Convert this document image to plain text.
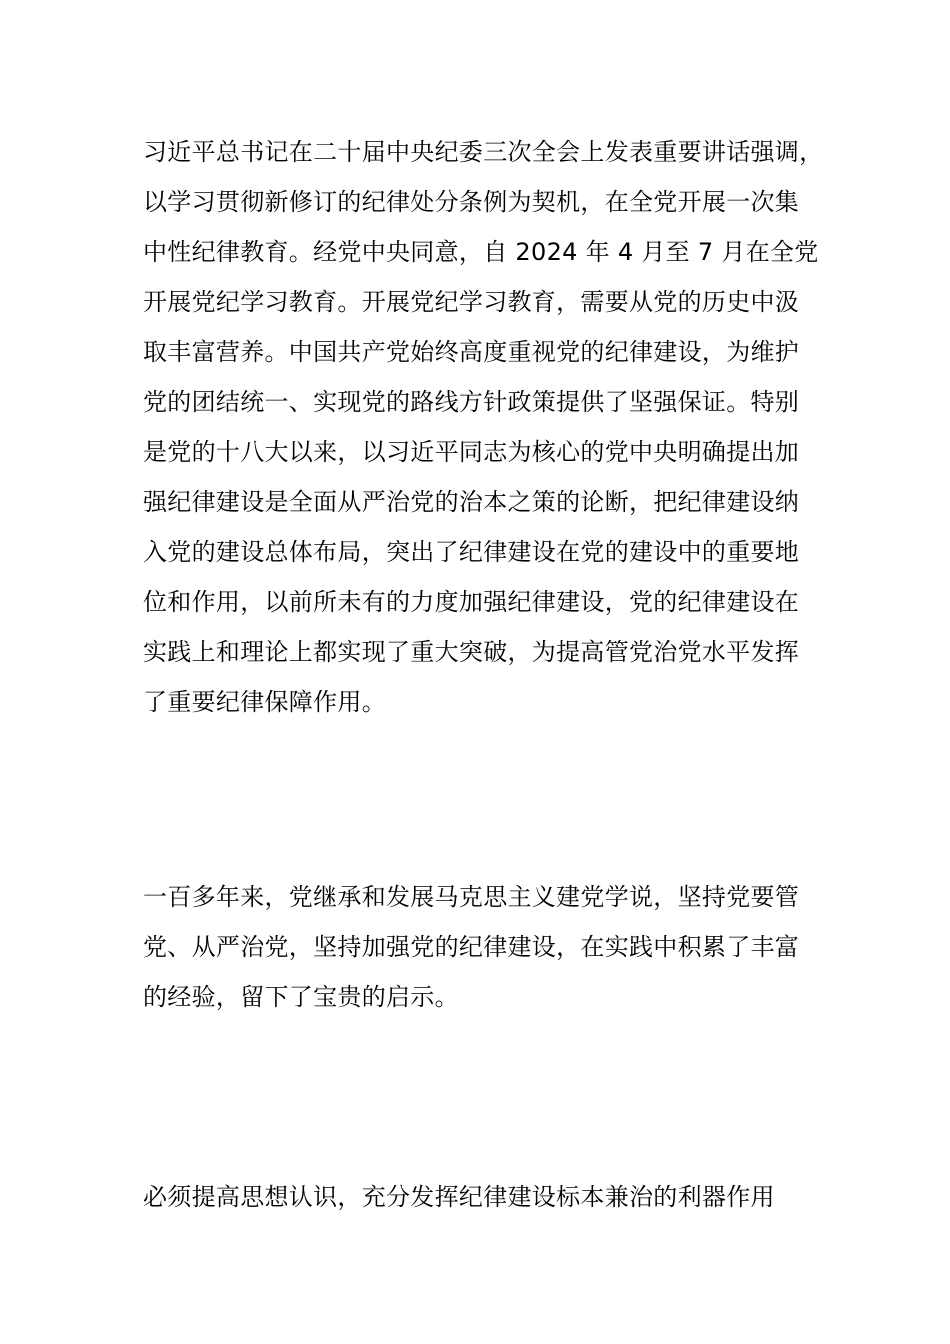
习近平总书记在二十届中央纪委三次全会上发表重要讲话强调，
以学习贯彻新修订的纪律处分条例为契机，在全党开展一次集
中性纪律教育。经党中央同意，自 2024 年 4 月至 7 月在全党
开展党纪学习教育。开展党纪学习教育，需要从党的历史中汲
取丰富营养。中国共产党始终高度重视党的纪律建设，为维护
党的团结统一、实现党的路线方针政策提供了坚强保证。特别
是党的十八大以来，以习近平同志为核心的党中央明确提出加
强纪律建设是全面从严治党的治本之策的论断，把纪律建设纳
入党的建设总体布局，突出了纪律建设在党的建设中的重要地
位和作用，以前所未有的力度加强纪律建设，党的纪律建设在
实践上和理论上都实现了重大突破，为提高管党治党水平发挥
了重要纪律保障作用。
一百多年来，党继承和发展马克思主义建党学说，坚持党要管
党、从严治党，坚持加强党的纪律建设，在实践中积累了丰富
的经验，留下了宝贵的启示。
必须提高思想认识，充分发挥纪律建设标本兼治的利器作用
